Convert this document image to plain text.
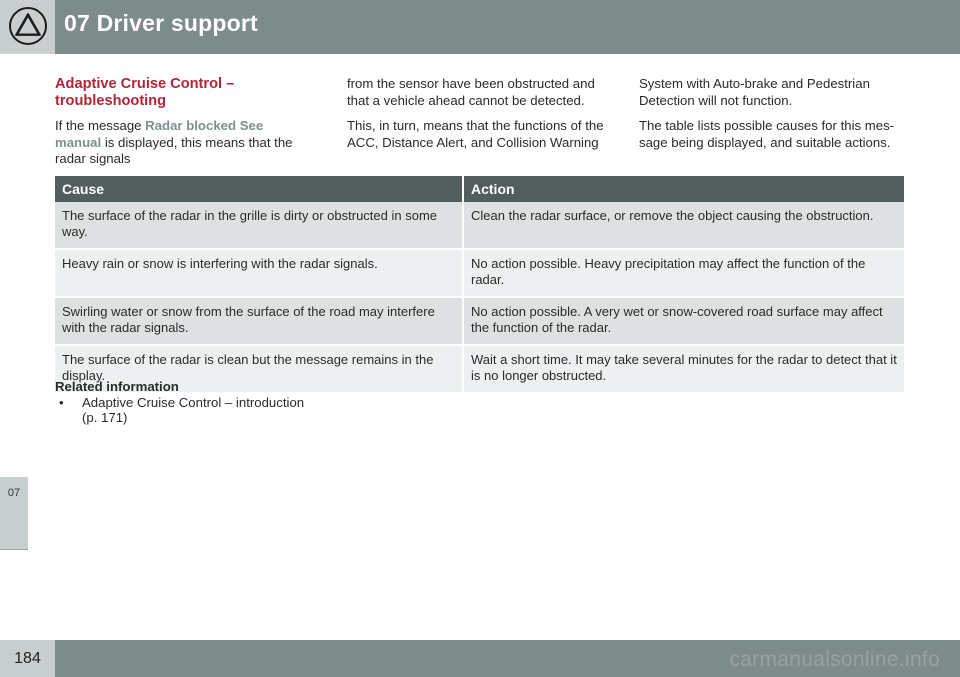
07 Driver support
Adaptive Cruise Control – troubleshooting

If the message Radar blocked See manual is displayed, this means that the radar signals

from the sensor have been obstructed and that a vehicle ahead cannot be detected.

This, in turn, means that the functions of the ACC, Distance Alert, and Collision Warning

System with Auto-brake and Pedestrian Detection will not function.

The table lists possible causes for this mes-sage being displayed, and suitable actions.

Cause	Action
The surface of the radar in the grille is dirty or obstructed in some way.	Clean the radar surface, or remove the object causing the obstruction.
Heavy rain or snow is interfering with the radar signals.	No action possible. Heavy precipitation may affect the function of the radar.
Swirling water or snow from the surface of the road may interfere with the radar signals.	No action possible. A very wet or snow-covered road surface may affect the function of the radar.
The surface of the radar is clean but the message remains in the display.	Wait a short time. It may take several minutes for the radar to detect that it is no longer obstructed.
Related information
•	Adaptive Cruise Control – introduction
(p. 171)
07
184	carmanualsonline.info
